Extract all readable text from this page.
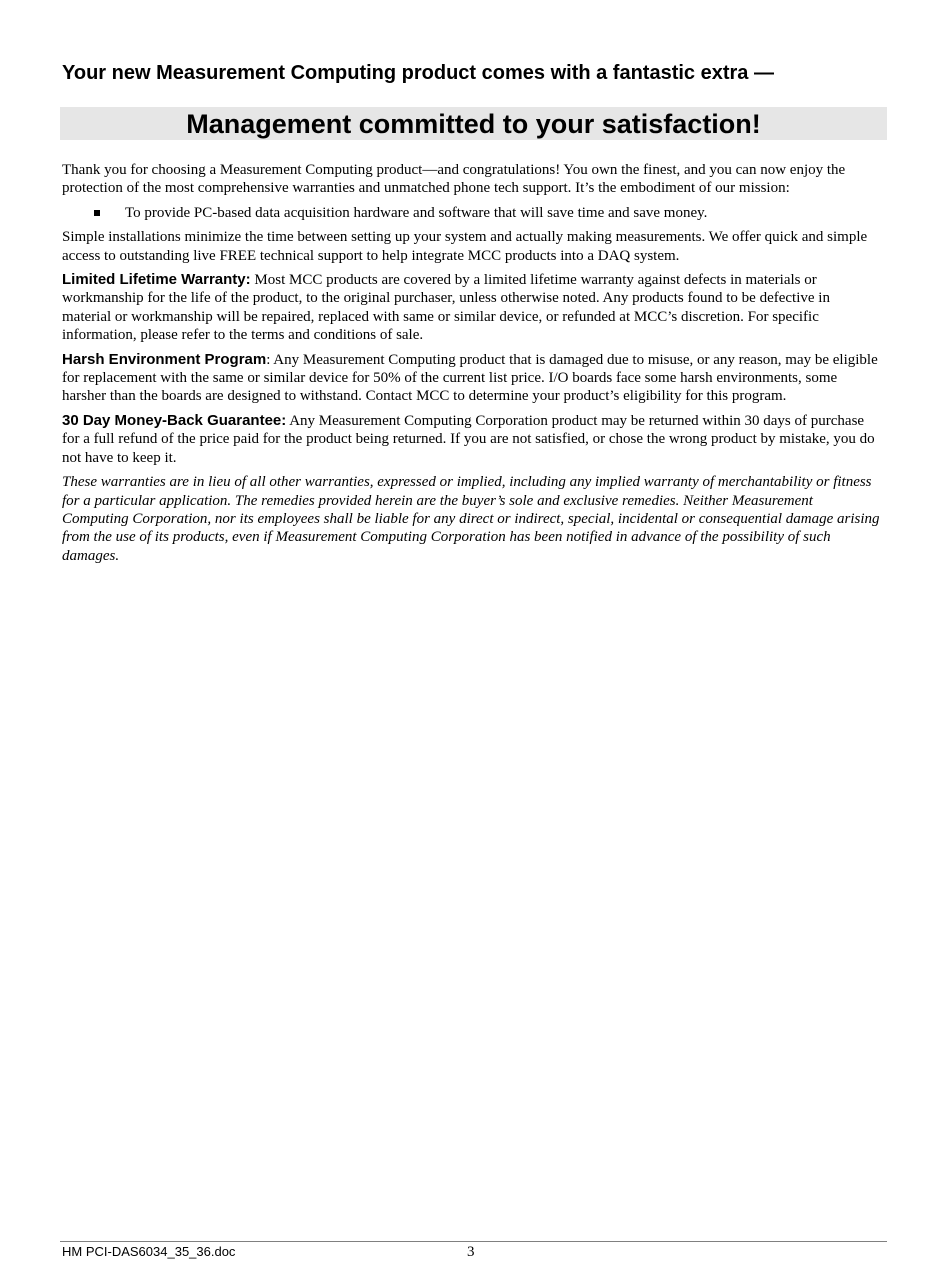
Your new Measurement Computing product comes with a fantastic extra —
Management committed to your satisfaction!

Thank you for choosing a Measurement Computing product—and congratulations! You own the finest, and you can now enjoy the protection of the most comprehensive warranties and unmatched phone tech support. It’s the embodiment of our mission:

To provide PC-based data acquisition hardware and software that will save time and save money.

Simple installations minimize the time between setting up your system and actually making measurements. We offer quick and simple access to outstanding live FREE technical support to help integrate MCC products into a DAQ system.

Limited Lifetime Warranty: Most MCC products are covered by a limited lifetime warranty against defects in materials or workmanship for the life of the product, to the original purchaser, unless otherwise noted. Any products found to be defective in material or workmanship will be repaired, replaced with same or similar device, or refunded at MCC’s discretion. For specific information, please refer to the terms and conditions of sale.

Harsh Environment Program: Any Measurement Computing product that is damaged due to misuse, or any reason, may be eligible for replacement with the same or similar device for 50% of the current list price. I/O boards face some harsh environments, some harsher than the boards are designed to withstand. Contact MCC to determine your product’s eligibility for this program.

30 Day Money-Back Guarantee: Any Measurement Computing Corporation product may be returned within 30 days of purchase for a full refund of the price paid for the product being returned. If you are not satisfied, or chose the wrong product by mistake, you do not have to keep it.

These warranties are in lieu of all other warranties, expressed or implied, including any implied warranty of merchantability or fitness for a particular application. The remedies provided herein are the buyer’s sole and exclusive remedies. Neither Measurement Computing Corporation, nor its employees shall be liable for any direct or indirect, special, incidental or consequential damage arising from the use of its products, even if Measurement Computing Corporation has been notified in advance of the possibility of such damages.

HM PCI-DAS6034_35_36.doc	3
